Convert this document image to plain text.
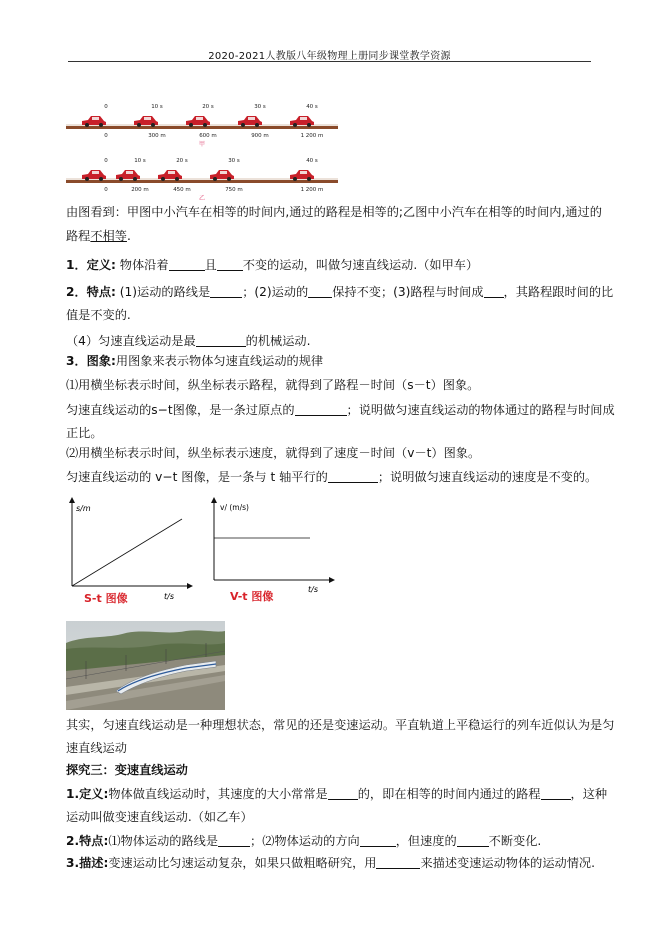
2020-2021人教版八年级物理上册同步课堂教学资源
0	10 s	20 s	30 s	40 s
0	300 m	600 m	900 m	1 200 m
甲
0	10 s	20 s	30 s	40 s
0	200 m	450 m	750 m	1 200 m
乙
由图看到：甲图中小汽车在相等的时间内,通过的路程是相等的;乙图中小汽车在相等的时间内,通过的
路程不相等.
1．定义: 物体沿着	且 不变的运动，叫做匀速直线运动.（如甲车）
2．特点: (1)运动的路线是	；(2)运动的 保持不变；(3)路程与时间成 ，其路程跟时间的比
值是不变的.
（4）匀速直线运动是最	的机械运动.
3．图象:用图象来表示物体匀速直线运动的规律
⑴用横坐标表示时间，纵坐标表示路程，就得到了路程－时间（s－t）图象。
匀速直线运动的s−t图像，是一条过原点的	；说明做匀速直线运动的物体通过的路程与时间成
正比。
⑵用横坐标表示时间，纵坐标表示速度，就得到了速度－时间（v－t）图象。
匀速直线运动的 v−t 图像，是一条与 t 轴平行的	；说明做匀速直线运动的速度是不变的。
s/m
t/s
S-t 图像
v/ (m/s)
t/s
V-t 图像
其实，匀速直线运动是一种理想状态，常见的还是变速运动。平直轨道上平稳运行的列车近似认为是匀
速直线运动
探究三：变速直线运动
1.定义:物体做直线运动时，其速度的大小常常是 的，即在相等的时间内通过的路程 ，这种
运动叫做变速直线运动.（如乙车）
2.特点:⑴物体运动的路线是	；⑵物体运动的方向	，但速度的	不断变化.
3.描述:变速运动比匀速运动复杂，如果只做粗略研究，用	来描述变速运动物体的运动情况.
